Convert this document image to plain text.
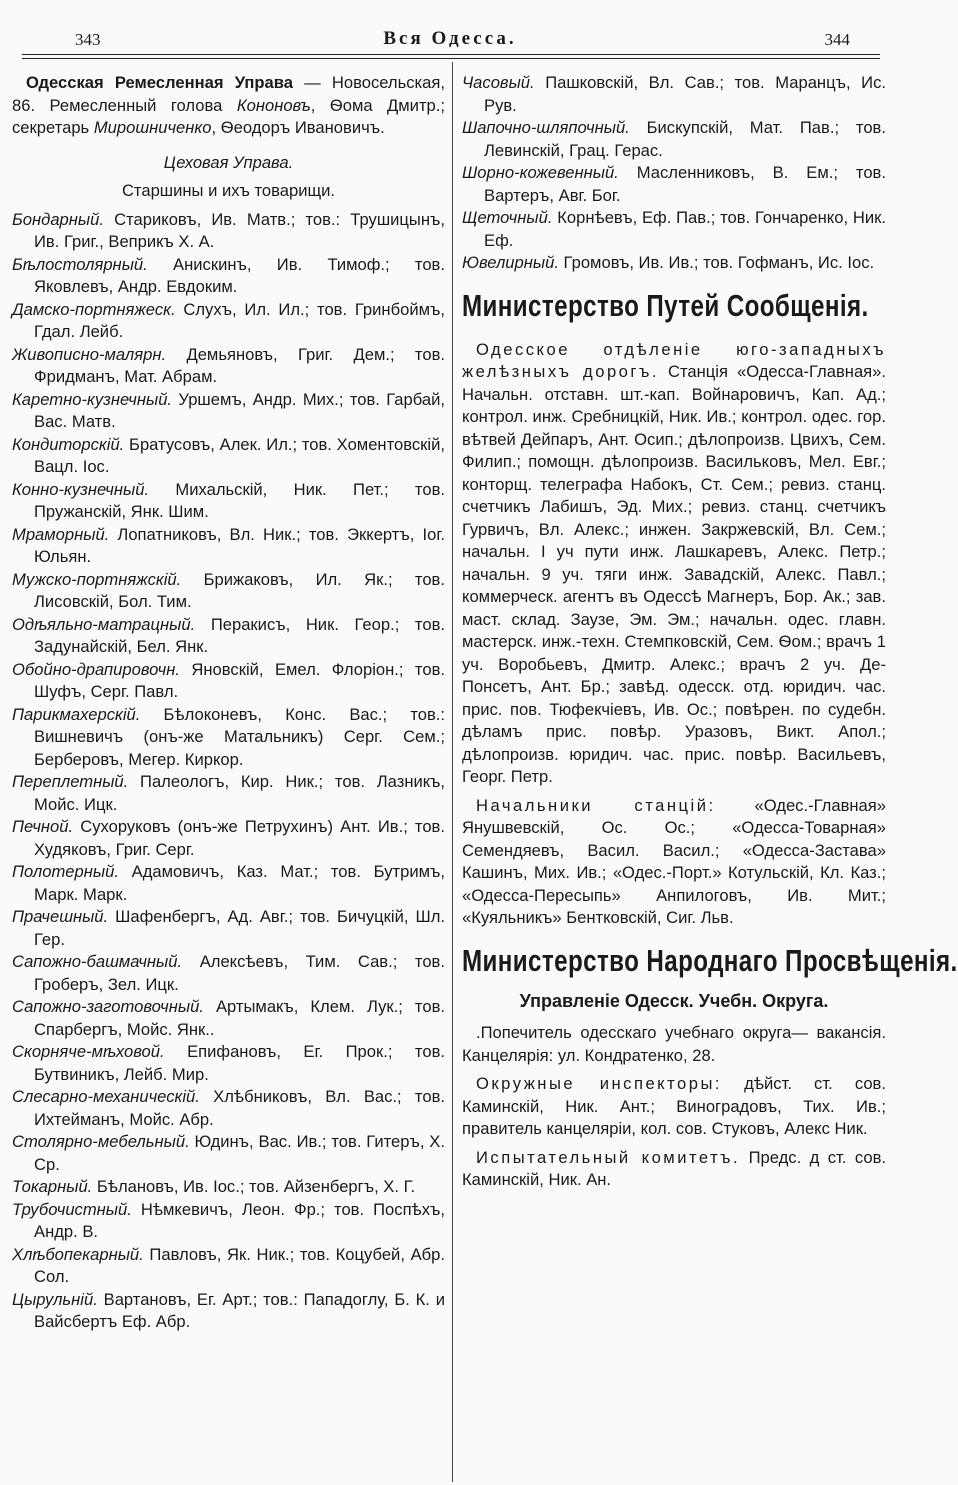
343	Вся Одесса.	344

Одесская Ремесленная Управа — Новосельская, 86. Ремесленный голова Кононовъ, Ѳома Дмитр.; секретарь Мирошниченко, Ѳеодоръ Ивановичъ.

Цеховая Управа.

Старшины и ихъ товарищи.

Бондарный. Стариковъ, Ив. Матв.; тов.: Трушицынъ, Ив. Григ., Веприкъ Х. А.

Бѣлостолярный. Анискинъ, Ив. Тимоф.; тов. Яковлевъ, Андр. Евдоким.

Дамско-портняжеск. Слухъ, Ил. Ил.; тов. Гринбоймъ, Гдал. Лейб.

Живописно-малярн. Демьяновъ, Григ. Дем.; тов. Фридманъ, Мат. Абрам.

Каретно-кузнечный. Уршемъ, Андр. Мих.; тов. Гарбай, Вас. Матв.

Кондиторскій. Братусовъ, Алек. Ил.; тов. Хоментовскій, Вацл. Іос.

Конно-кузнечный. Михальскій, Ник. Пет.; тов. Пружанскій, Янк. Шим.

Мраморный. Лопатниковъ, Вл. Ник.; тов. Эккертъ, Іог. Юльян.

Мужско-портняжскій. Брижаковъ, Ил. Як.; тов. Лисовскій, Бол. Тим.

Одѣяльно-матрацный. Перакисъ, Ник. Геор.; тов. Задунайскій, Бел. Янк.

Обойно-драпировочн. Яновскій, Емел. Флоріон.; тов. Шуфъ, Серг. Павл.

Парикмахерскій. Бѣлоконевъ, Конс. Вас.; тов.: Вишневичъ (онъ-же Матальникъ) Серг. Сем.; Берберовъ, Мегер. Киркор.

Переплетный. Палеологъ, Кир. Ник.; тов. Лазникъ, Мойс. Ицк.

Печной. Сухоруковъ (онъ-же Петрухинъ) Ант. Ив.; тов. Худяковъ, Григ. Серг.

Полотерный. Адамовичъ, Каз. Мат.; тов. Бутримъ, Марк. Марк.

Прачешный. Шафенбергъ, Ад. Авг.; тов. Бичуцкій, Шл. Гер.

Сапожно-башмачный. Алексѣевъ, Тим. Сав.; тов. Гроберъ, Зел. Ицк.

Сапожно-заготовочный. Артымакъ, Клем. Лук.; тов. Спарбергъ, Мойс. Янк..

Скорняче-мѣховой. Епифановъ, Ег. Прок.; тов. Бутвиникъ, Лейб. Мир.

Слесарно-механическій. Хлѣбниковъ, Вл. Вас.; тов. Ихтейманъ, Мойс. Абр.

Столярно-мебельный. Юдинъ, Вас. Ив.; тов. Гитеръ, Х. Ср.

Токарный. Бѣлановъ, Ив. Іос.; тов. Айзенбергъ, Х. Г.

Трубочистный. Нѣмкевичъ, Леон. Фр.; тов. Поспѣхъ, Андр. В.

Хлѣбопекарный. Павловъ, Як. Ник.; тов. Коцубей, Абр. Сол.

Цырульній. Вартановъ, Ег. Арт.; тов.: Пападоглу, Б. К. и Вайсбертъ Еф. Абр.

Часовый. Пашковскій, Вл. Сав.; тов. Маранцъ, Ис. Рув.

Шапочно-шляпочный. Бискупскій, Мат. Пав.; тов. Левинскій, Грац. Герас.

Шорно-кожевенный. Масленниковъ, В. Ем.; тов. Вартеръ, Авг. Бог.

Щеточный. Корнѣевъ, Еф. Пав.; тов. Гончаренко, Ник. Еф.

Ювелирный. Громовъ, Ив. Ив.; тов. Гофманъ, Ис. Іос.

Министерство Путей Сообщенія.

Одесское отдѣленіе юго-западныхъ желѣзныхъ дорогъ. Станція «Одесса-Главная». Начальн. отставн. шт.-кап. Войнаровичъ, Кап. Ад.; контрол. инж. Сребницкій, Ник. Ив.; контрол. одес. гор. вѣтвей Дейпаръ, Ант. Осип.; дѣлопроизв. Цвихъ, Сем. Филип.; помощн. дѣлопроизв. Васильковъ, Мел. Евг.; конторщ. телеграфа Набокъ, Ст. Сем.; ревиз. станц. счетчикъ Лабишъ, Эд. Мих.; ревиз. станц. счетчикъ Гурвичъ, Вл. Алекс.; инжен. Закржевскій, Вл. Сем.; начальн. I уч пути инж. Лашкаревъ, Алекс. Петр.; начальн. 9 уч. тяги инж. Завадскій, Алекс. Павл.; коммерческ. агентъ въ Одессѣ Магнеръ, Бор. Ак.; зав. маст. склад. Заузе, Эм. Эм.; начальн. одес. главн. мастерск. инж.-техн. Стемпковскій, Сем. Ѳом.; врачъ 1 уч. Воробьевъ, Дмитр. Алекс.; врачъ 2 уч. Де-Понсетъ, Ант. Бр.; завѣд. одесск. отд. юридич. час. прис. пов. Тюфекчіевъ, Ив. Ос.; повѣрен. по судебн. дѣламъ прис. повѣр. Уразовъ, Викт. Апол.; дѣлопроизв. юридич. час. прис. повѣр. Васильевъ, Георг. Петр.

Начальники станцій: «Одес.-Главная» Янушвевскій, Ос. Ос.; «Одесса-Товарная» Семендяевъ, Васил. Васил.; «Одесса-Застава» Кашинъ, Мих. Ив.; «Одес.-Порт.» Котульскій, Кл. Каз.; «Одесса-Пересыпь» Анпилоговъ, Ив. Мит.; «Куяльникъ» Бентковскій, Сиг. Льв.

Министерство Народнаго Просвѣщенія.

Управленіе Одесск. Учебн. Округа.

.Попечитель одесскаго учебнаго округа— вакансія. Канцелярія: ул. Кондратенко, 28.

Окружные инспекторы: дѣйст. ст. сов. Каминскій, Ник. Ант.; Виноградовъ, Тих. Ив.; правитель канцеляріи, кол. сов. Стуковъ, Алекс Ник.

Испытательный комитетъ. Предс. д ст. сов. Каминскій, Ник. Ан.
